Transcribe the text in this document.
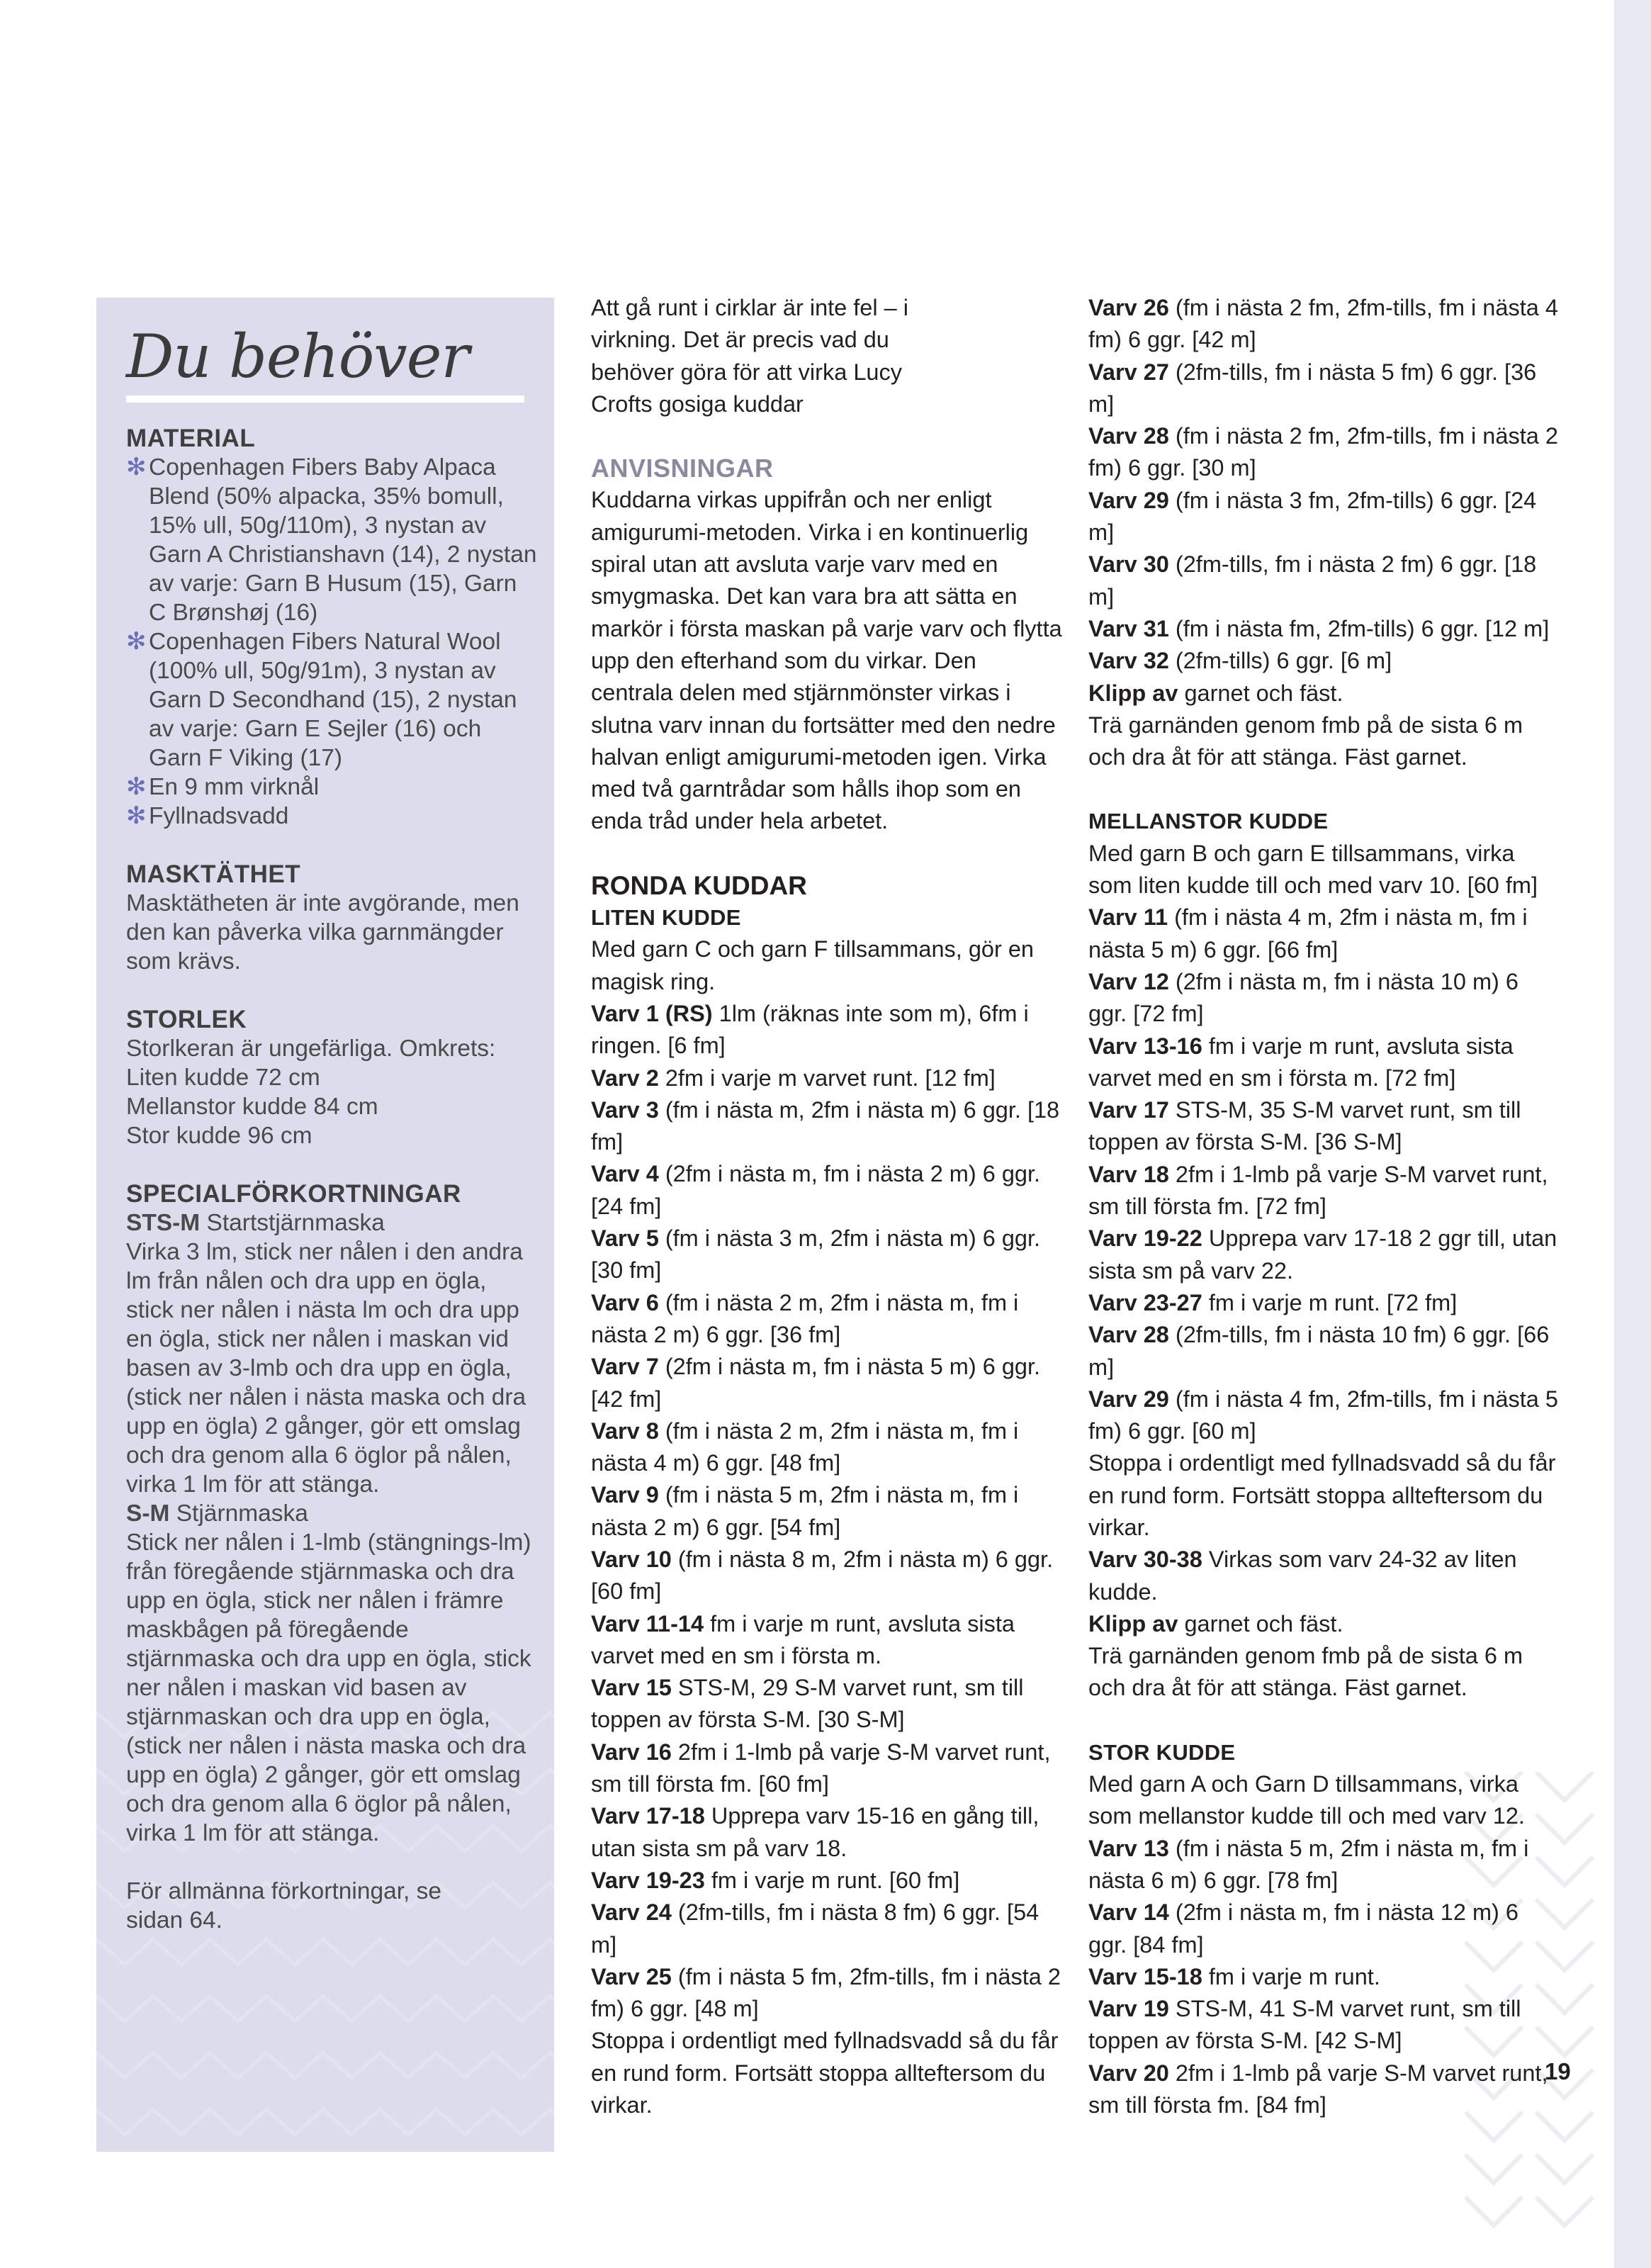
Du behöver
MATERIAL
✻ Copenhagen Fibers Baby Alpaca Blend (50% alpacka, 35% bomull, 15% ull, 50g/110m), 3 nystan av Garn A Christianshavn (14), 2 nystan av varje: Garn B Husum (15), Garn C Brønshøj (16)
✻ Copenhagen Fibers Natural Wool (100% ull, 50g/91m), 3 nystan av Garn D Secondhand (15), 2 nystan av varje: Garn E Sejler (16) och Garn F Viking (17)
✻ En 9 mm virknål
✻ Fyllnadsvadd
MASKTÄTHET

Masktätheten är inte avgörande, men den kan påverka vilka garnmängder som krävs.

STORLEK

Storlkeran är ungefärliga. Omkrets:

Liten kudde 72 cm

Mellanstor kudde 84 cm

Stor kudde 96 cm

SPECIALFÖRKORTNINGAR

STS-M Startstjärnmaska

Virka 3 lm, stick ner nålen i den andra lm från nålen och dra upp en ögla, stick ner nålen i nästa lm och dra upp en ögla, stick ner nålen i maskan vid basen av 3-lmb och dra upp en ögla, (stick ner nålen i nästa maska och dra upp en ögla) 2 gånger, gör ett omslag och dra genom alla 6 öglor på nålen, virka 1 lm för att stänga.

S-M Stjärnmaska

Stick ner nålen i 1-lmb (stängnings-lm) från föregående stjärnmaska och dra upp en ögla, stick ner nålen i främre maskbågen på föregående stjärnmaska och dra upp en ögla, stick ner nålen i maskan vid basen av stjärnmaskan och dra upp en ögla, (stick ner nålen i nästa maska och dra upp en ögla) 2 gånger, gör ett omslag och dra genom alla 6 öglor på nålen, virka 1 lm för att stänga.

För allmänna förkortningar, se sidan 64.

Att gå runt i cirklar är inte fel – i virkning. Det är precis vad du behöver göra för att virka Lucy Crofts gosiga kuddar

ANVISNINGAR

Kuddarna virkas uppifrån och ner enligt amigurumi-metoden. Virka i en kontinuerlig spiral utan att avsluta varje varv med en smygmaska. Det kan vara bra att sätta en markör i första maskan på varje varv och flytta upp den efterhand som du virkar. Den centrala delen med stjärnmönster virkas i slutna varv innan du fortsätter med den nedre halvan enligt amigurumi-metoden igen. Virka med två garntrådar som hålls ihop som en enda tråd under hela arbetet.

RONDA KUDDAR
LITEN KUDDE

Med garn C och garn F tillsammans, gör en magisk ring.

Varv 1 (RS) 1lm (räknas inte som m), 6fm i ringen. [6 fm]

Varv 2 2fm i varje m varvet runt. [12 fm]

Varv 3 (fm i nästa m, 2fm i nästa m) 6 ggr. [18 fm]

Varv 4 (2fm i nästa m, fm i nästa 2 m) 6 ggr. [24 fm]

Varv 5 (fm i nästa 3 m, 2fm i nästa m) 6 ggr. [30 fm]

Varv 6 (fm i nästa 2 m, 2fm i nästa m, fm i nästa 2 m) 6 ggr. [36 fm]

Varv 7 (2fm i nästa m, fm i nästa 5 m) 6 ggr. [42 fm]

Varv 8 (fm i nästa 2 m, 2fm i nästa m, fm i nästa 4 m) 6 ggr. [48 fm]

Varv 9 (fm i nästa 5 m, 2fm i nästa m, fm i nästa 2 m) 6 ggr. [54 fm]

Varv 10 (fm i nästa 8 m, 2fm i nästa m) 6 ggr. [60 fm]

Varv 11-14 fm i varje m runt, avsluta sista varvet med en sm i första m.

Varv 15 STS-M, 29 S-M varvet runt, sm till toppen av första S-M. [30 S-M]

Varv 16 2fm i 1-lmb på varje S-M varvet runt, sm till första fm. [60 fm]

Varv 17-18 Upprepa varv 15-16 en gång till, utan sista sm på varv 18.

Varv 19-23 fm i varje m runt. [60 fm]

Varv 24 (2fm-tills, fm i nästa 8 fm) 6 ggr. [54 m]

Varv 25 (fm i nästa 5 fm, 2fm-tills, fm i nästa 2 fm) 6 ggr. [48 m]

Stoppa i ordentligt med fyllnadsvadd så du får en rund form. Fortsätt stoppa allteftersom du virkar.

Varv 26 (fm i nästa 2 fm, 2fm-tills, fm i nästa 4 fm) 6 ggr. [42 m]

Varv 27 (2fm-tills, fm i nästa 5 fm) 6 ggr. [36 m]

Varv 28 (fm i nästa 2 fm, 2fm-tills, fm i nästa 2 fm) 6 ggr. [30 m]

Varv 29 (fm i nästa 3 fm, 2fm-tills) 6 ggr. [24 m]

Varv 30 (2fm-tills, fm i nästa 2 fm) 6 ggr. [18 m]

Varv 31 (fm i nästa fm, 2fm-tills) 6 ggr. [12 m]

Varv 32 (2fm-tills) 6 ggr. [6 m]

Klipp av garnet och fäst.

Trä garnänden genom fmb på de sista 6 m och dra åt för att stänga. Fäst garnet.

MELLANSTOR KUDDE

Med garn B och garn E tillsammans, virka som liten kudde till och med varv 10. [60 fm]

Varv 11 (fm i nästa 4 m, 2fm i nästa m, fm i nästa 5 m) 6 ggr. [66 fm]

Varv 12 (2fm i nästa m, fm i nästa 10 m) 6 ggr. [72 fm]

Varv 13-16 fm i varje m runt, avsluta sista varvet med en sm i första m. [72 fm]

Varv 17 STS-M, 35 S-M varvet runt, sm till toppen av första S-M. [36 S-M]

Varv 18 2fm i 1-lmb på varje S-M varvet runt, sm till första fm. [72 fm]

Varv 19-22 Upprepa varv 17-18 2 ggr till, utan sista sm på varv 22.

Varv 23-27 fm i varje m runt. [72 fm]

Varv 28 (2fm-tills, fm i nästa 10 fm) 6 ggr. [66 m]

Varv 29 (fm i nästa 4 fm, 2fm-tills, fm i nästa 5 fm) 6 ggr. [60 m]

Stoppa i ordentligt med fyllnadsvadd så du får en rund form. Fortsätt stoppa allteftersom du virkar.

Varv 30-38 Virkas som varv 24-32 av liten kudde.

Klipp av garnet och fäst.

Trä garnänden genom fmb på de sista 6 m och dra åt för att stänga. Fäst garnet.

STOR KUDDE

Med garn A och Garn D tillsammans, virka som mellanstor kudde till och med varv 12.

Varv 13 (fm i nästa 5 m, 2fm i nästa m, fm i nästa 6 m) 6 ggr. [78 fm]

Varv 14 (2fm i nästa m, fm i nästa 12 m) 6 ggr. [84 fm]

Varv 15-18 fm i varje m runt.

Varv 19 STS-M, 41 S-M varvet runt, sm till toppen av första S-M. [42 S-M]

Varv 20 2fm i 1-lmb på varje S-M varvet runt, sm till första fm. [84 fm]

19
